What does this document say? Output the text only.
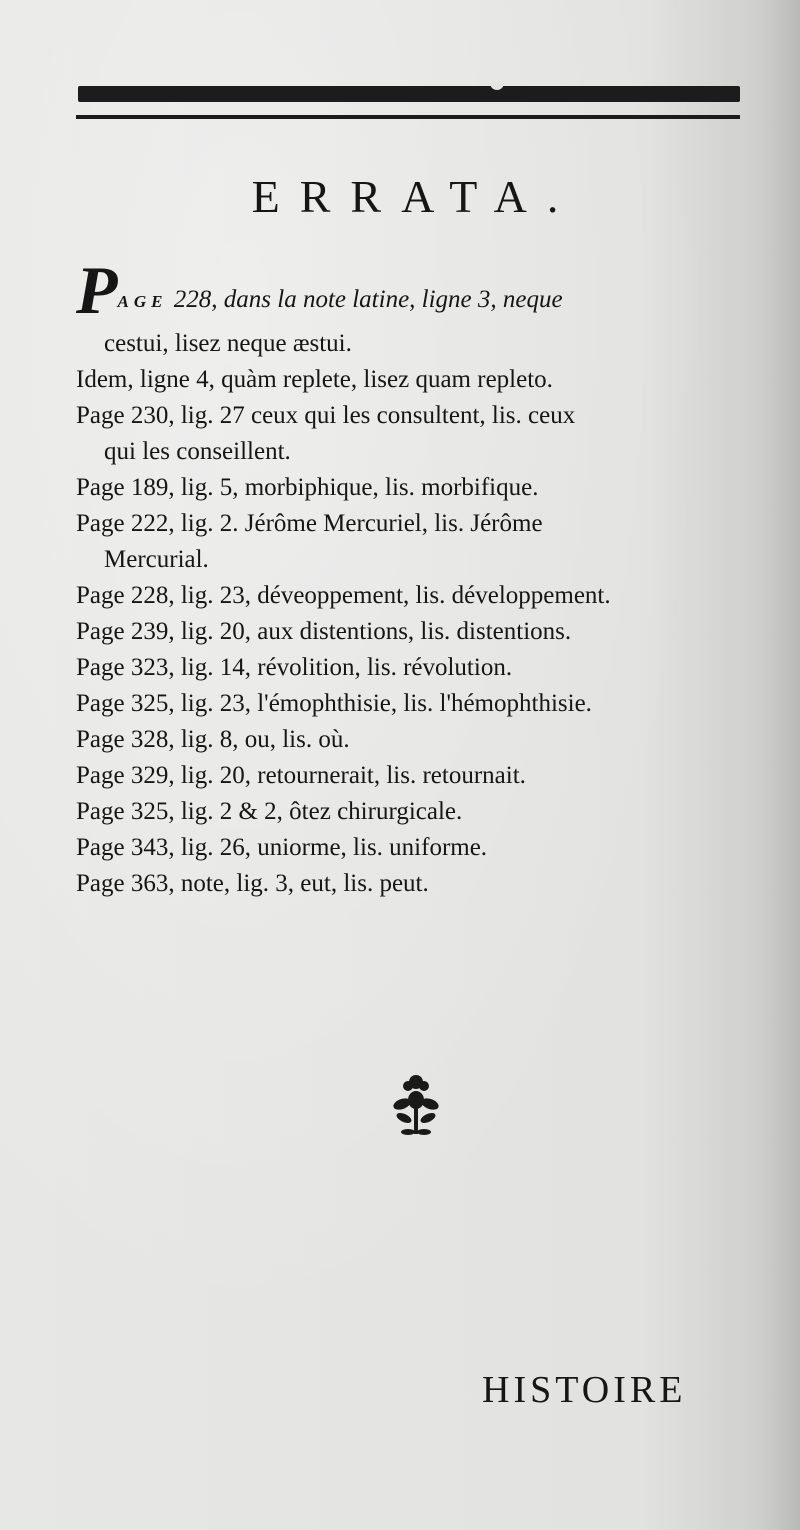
ERRATA.

PAGE 228, dans la note latine, ligne 3, neque

cestui, lisez neque æstui.

Idem, ligne 4, quàm replete, lisez quam repleto.

Page 230, lig. 27 ceux qui les consultent, lis. ceux

qui les conseillent.

Page 189, lig. 5, morbiphique, lis. morbifique.

Page 222, lig. 2. Jérôme Mercuriel, lis. Jérôme

Mercurial.

Page 228, lig. 23, déveoppement, lis. développement.

Page 239, lig. 20, aux distentions, lis. distentions.

Page 323, lig. 14, révolition, lis. révolution.

Page 325, lig. 23, l'émophthisie, lis. l'hémophthisie.

Page 328, lig. 8, ou, lis. où.

Page 329, lig. 20, retournerait, lis. retournait.

Page 325, lig. 2 & 2, ôtez chirurgicale.

Page 343, lig. 26, uniorme, lis. uniforme.

Page 363, note, lig. 3, eut, lis. peut.

HISTOIRE
